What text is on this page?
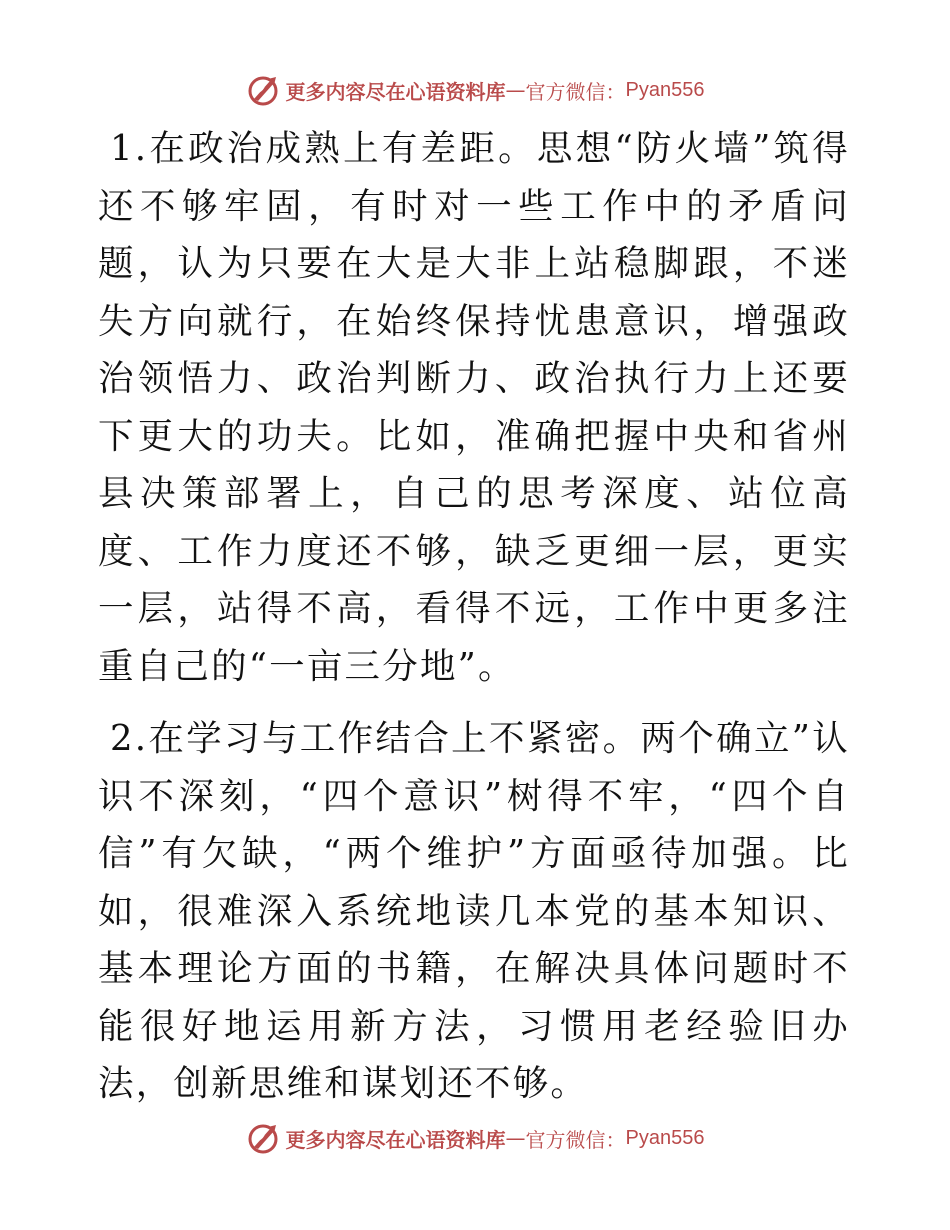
更多内容尽在心语资料库 — 官方微信： Pyan556

1.在政治成熟上有差距。思想“防火墙”筑得还不够牢固，有时对一些工作中的矛盾问题，认为只要在大是大非上站稳脚跟，不迷失方向就行，在始终保持忧患意识，增强政治领悟力、政治判断力、政治执行力上还要下更大的功夫。比如，准确把握中央和省州县决策部署上，自己的思考深度、站位高度、工作力度还不够，缺乏更细一层，更实一层，站得不高，看得不远，工作中更多注重自己的“一亩三分地”。

2.在学习与工作结合上不紧密。两个确立”认识不深刻，“四个意识”树得不牢，“四个自信”有欠缺，“两个维护”方面亟待加强。比如，很难深入系统地读几本党的基本知识、基本理论方面的书籍，在解决具体问题时不能很好地运用新方法，习惯用老经验旧办法，创新思维和谋划还不够。

更多内容尽在心语资料库 — 官方微信： Pyan556
